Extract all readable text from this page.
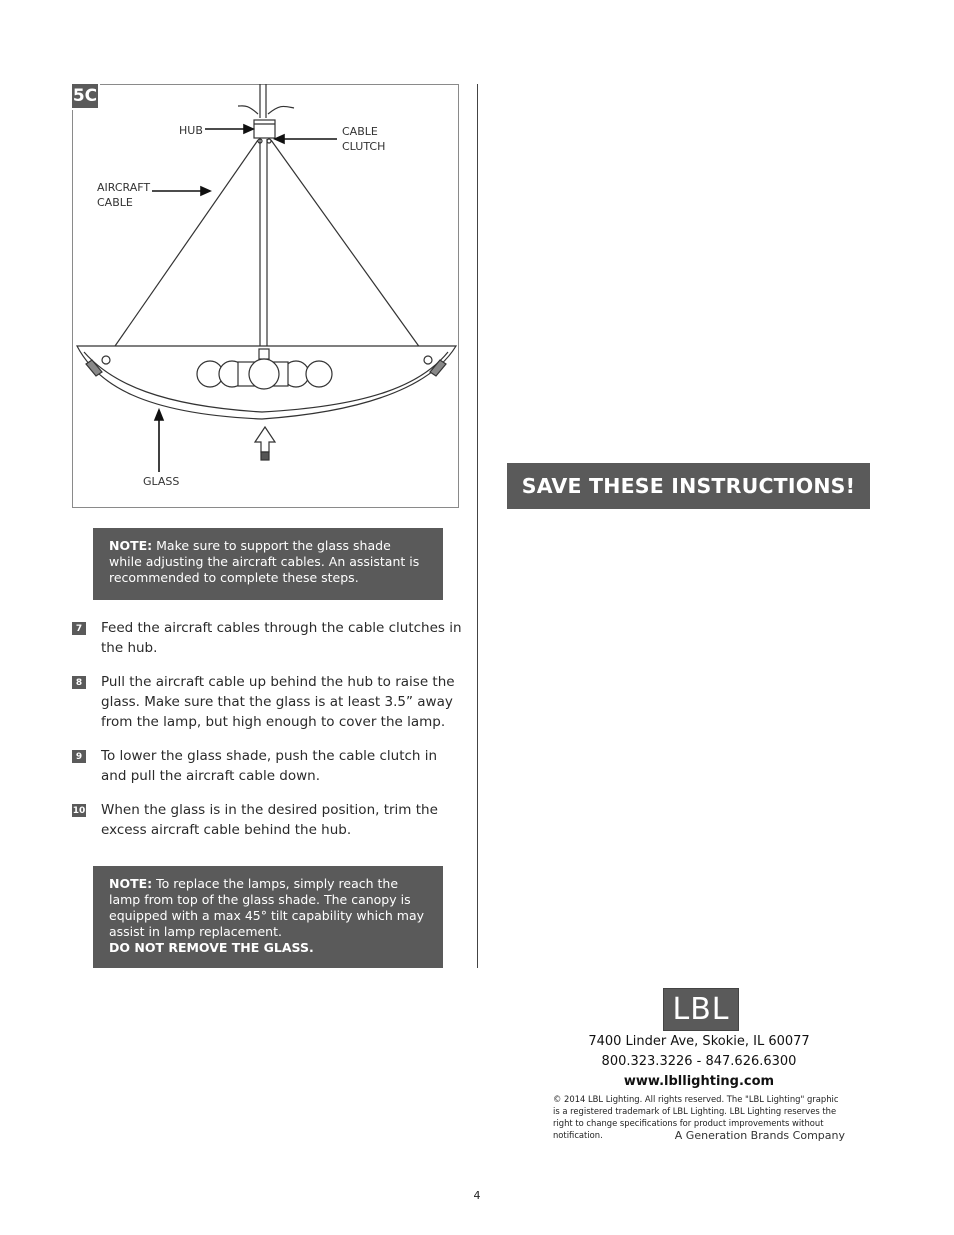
5C
HUB	CABLE
CLUTCH
AIRCRAFT
CABLE
GLASS
NOTE: Make sure to support the glass shade while adjusting the aircraft cables. An assistant is recommended to complete these steps.
7 Feed the aircraft cables through the cable clutches in the hub.
8 Pull the aircraft cable up behind the hub to raise the glass. Make sure that the glass is at least 3.5” away from the lamp, but high enough to cover the lamp.
9 To lower the glass shade, push the cable clutch in and pull the aircraft cable down.
10 When the glass is in the desired position, trim the excess aircraft cable behind the hub.
NOTE: To replace the lamps, simply reach the lamp from top of the glass shade. The canopy is equipped with a max 45° tilt capability which may assist in lamp replacement.
DO NOT REMOVE THE GLASS.
SAVE THESE INSTRUCTIONS!
LBL
7400 Linder Ave, Skokie, IL 60077
800.323.3226 - 847.626.6300
www.lbllighting.com
© 2014 LBL Lighting. All rights reserved. The "LBL Lighting" graphic is a registered trademark of LBL Lighting. LBL Lighting reserves the right to change specifications for product improvements without notification.	A Generation Brands Company
4
